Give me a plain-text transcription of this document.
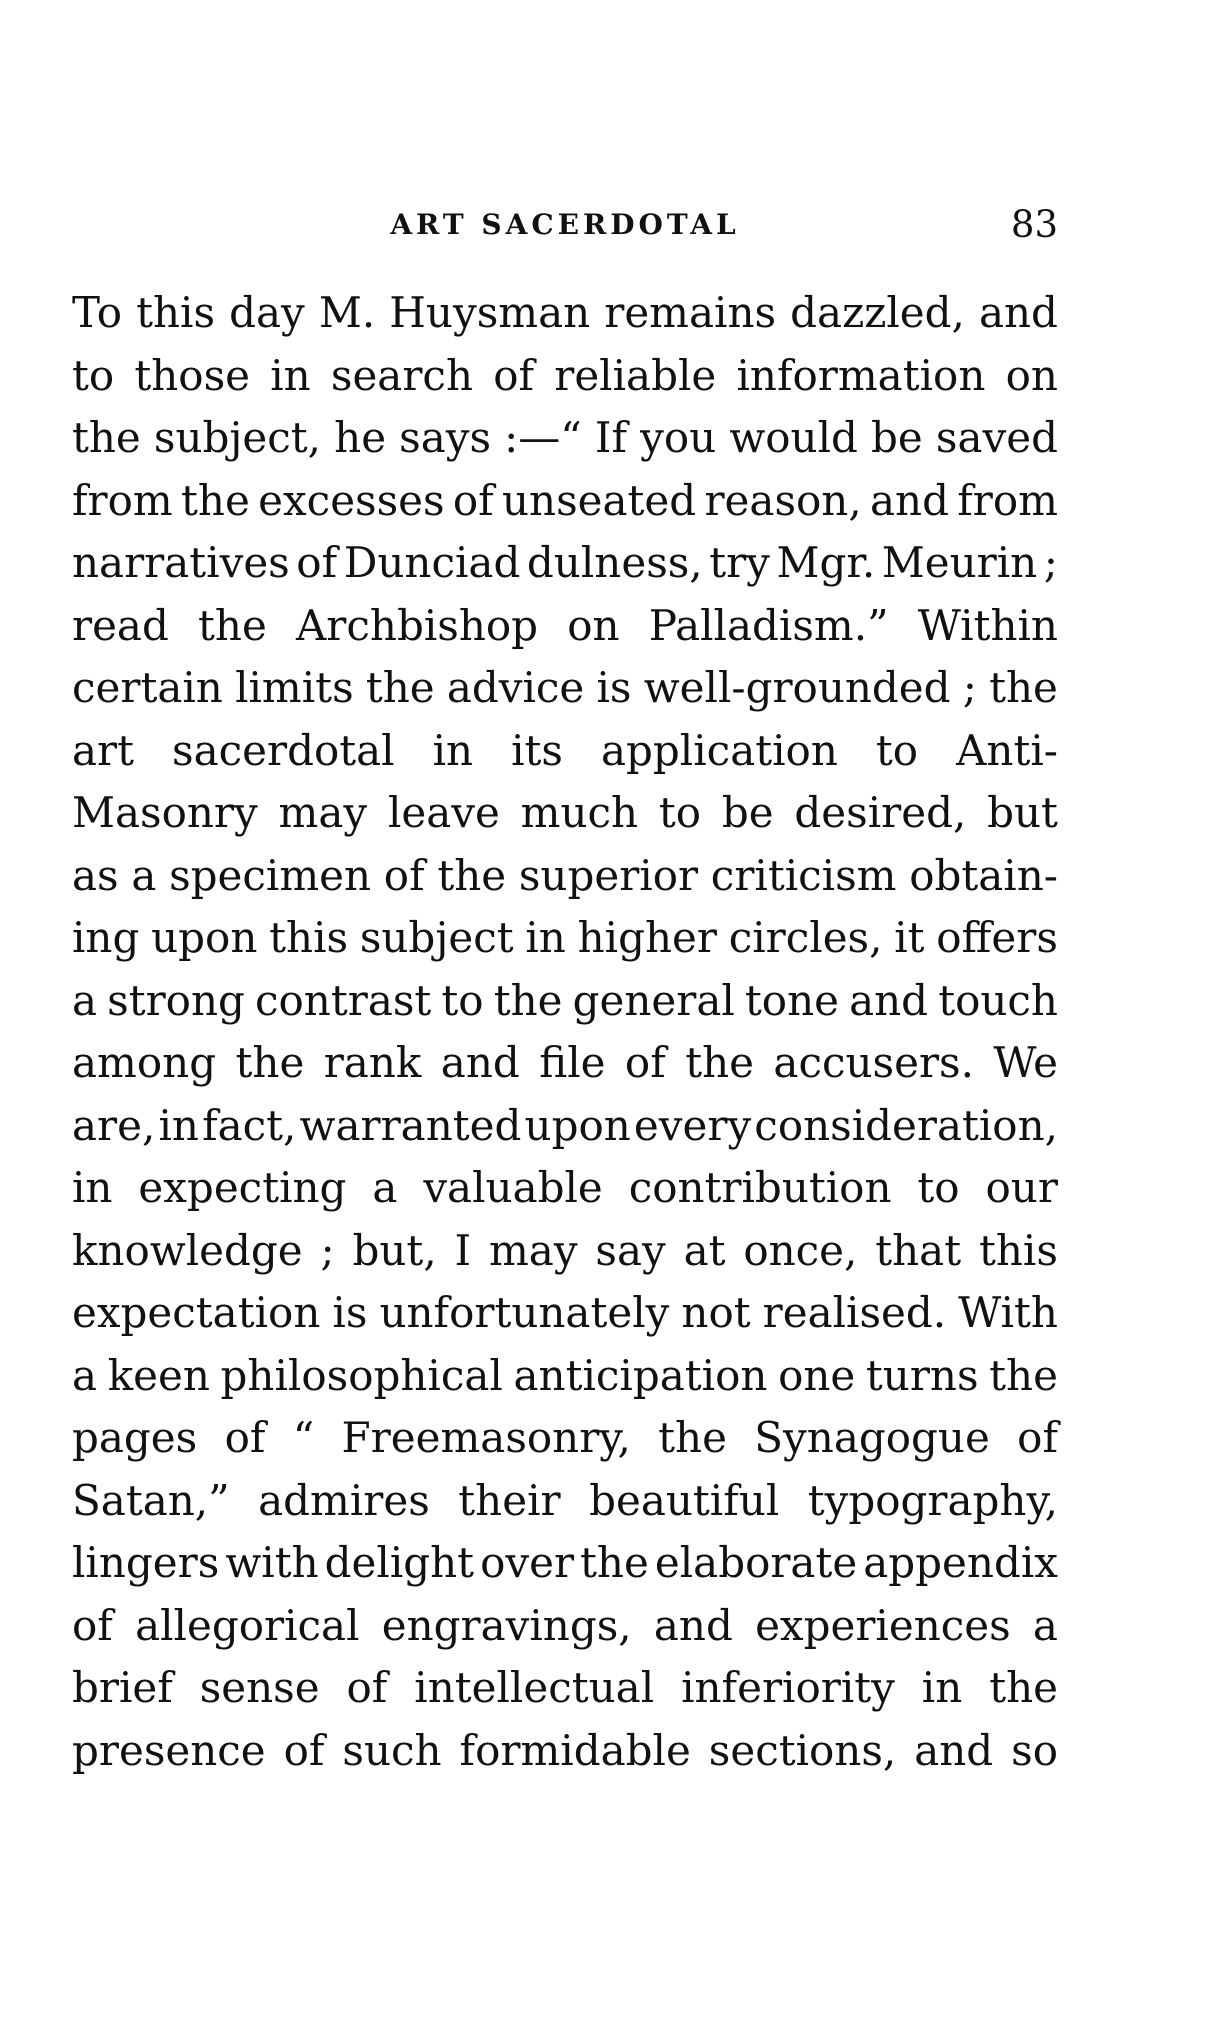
ART SACERDOTAL	83
To this day M. Huysman remains dazzled, and
to those in search of reliable information on
the subject, he says :—“ If you would be saved
from the excesses of unseated reason, and from
narratives of Dunciad dulness, try Mgr. Meurin ;
read the Archbishop on Palladism.” Within
certain limits the advice is well-grounded ; the
art sacerdotal in its application to Anti-
Masonry may leave much to be desired, but
as a specimen of the superior criticism obtain-
ing upon this subject in higher circles, it offers
a strong contrast to the general tone and touch
among the rank and file of the accusers. We
are, in fact, warranted upon every consideration,
in expecting a valuable contribution to our
knowledge ; but, I may say at once, that this
expectation is unfortunately not realised. With
a keen philosophical anticipation one turns the
pages of “ Freemasonry, the Synagogue of
Satan,” admires their beautiful typography,
lingers with delight over the elaborate appendix
of allegorical engravings, and experiences a
brief sense of intellectual inferiority in the
presence of such formidable sections, and so
